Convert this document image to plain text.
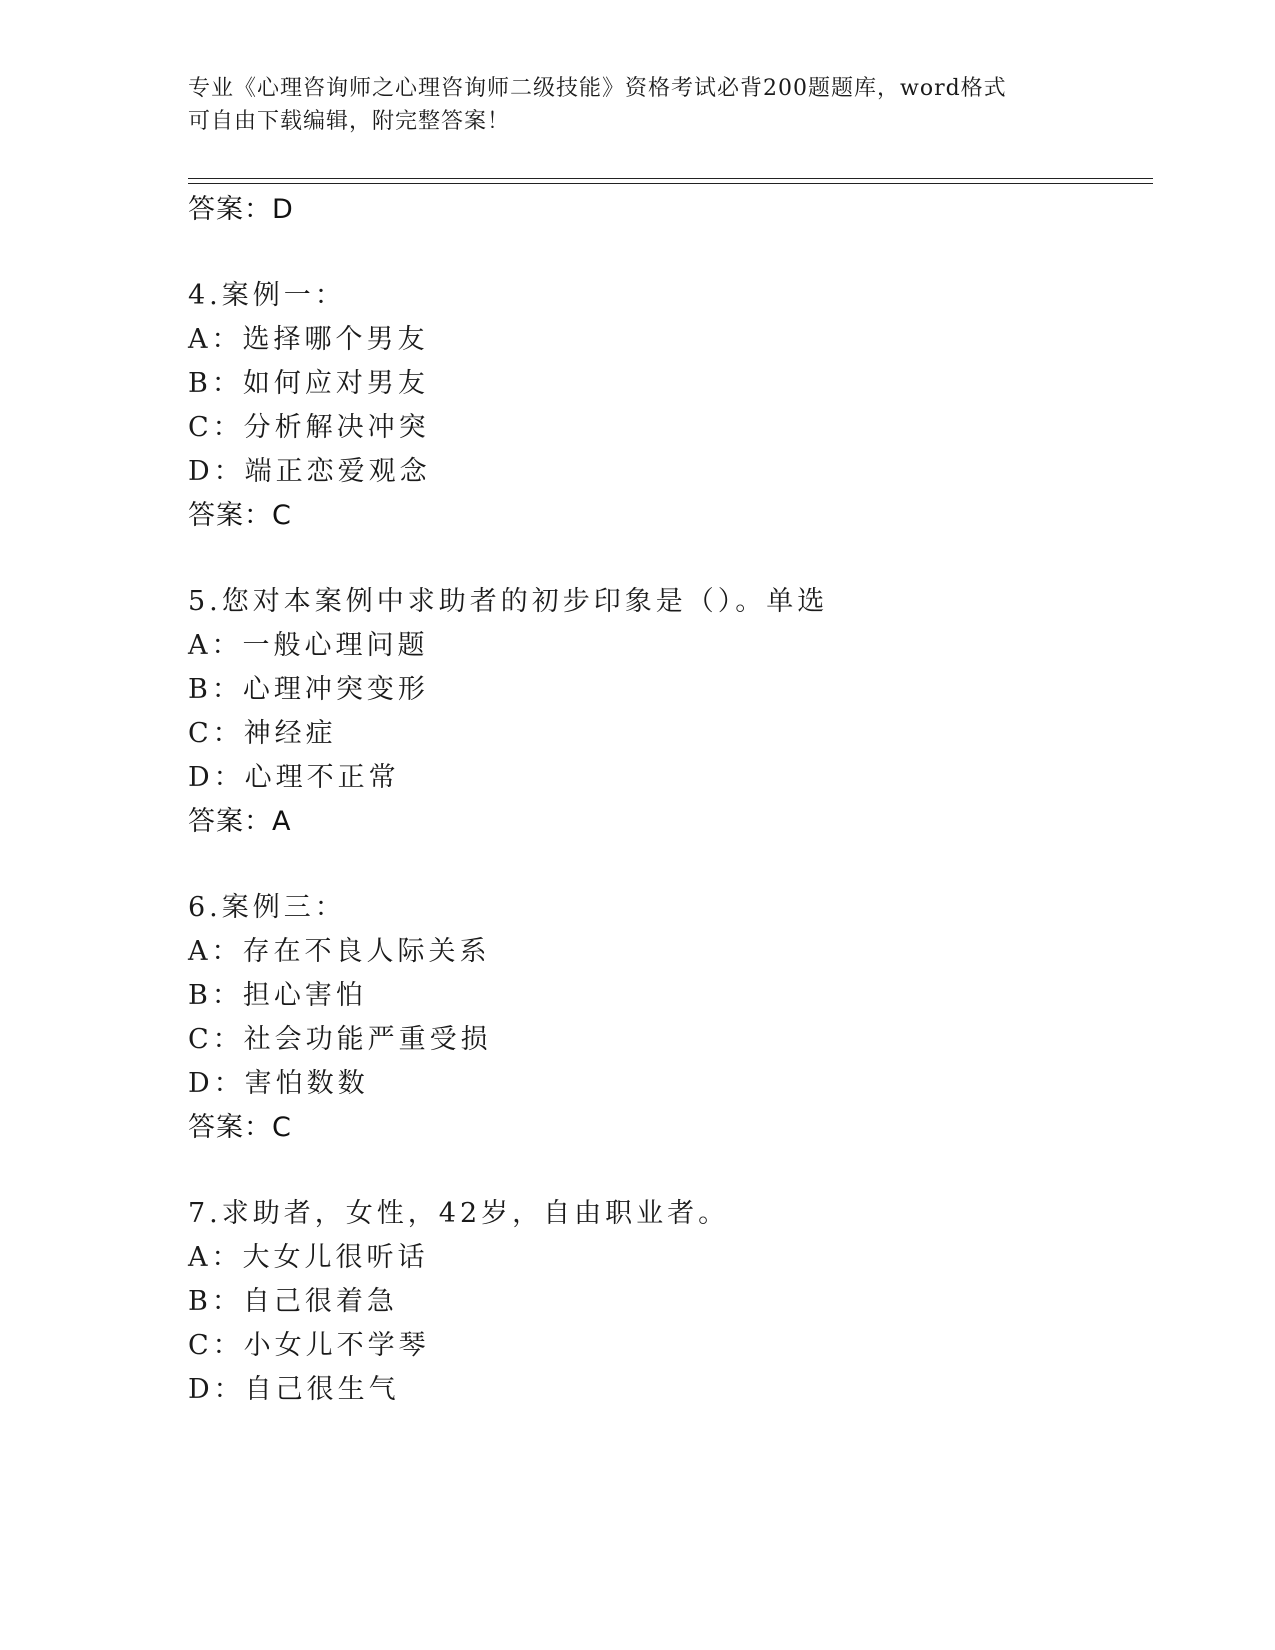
专业《心理咨询师之心理咨询师二级技能》资格考试必背200题题库，word格式
可自由下载编辑，附完整答案！
答案：D
4.案例一：
A：选择哪个男友
B：如何应对男友
C：分析解决冲突
D：端正恋爱观念
答案：C
5.您对本案例中求助者的初步印象是（）。单选
A：一般心理问题
B：心理冲突变形
C：神经症
D：心理不正常
答案：A
6.案例三：
A：存在不良人际关系
B：担心害怕
C：社会功能严重受损
D：害怕数数
答案：C
7.求助者，女性，42岁，自由职业者。
A：大女儿很听话
B：自己很着急
C：小女儿不学琴
D：自己很生气
